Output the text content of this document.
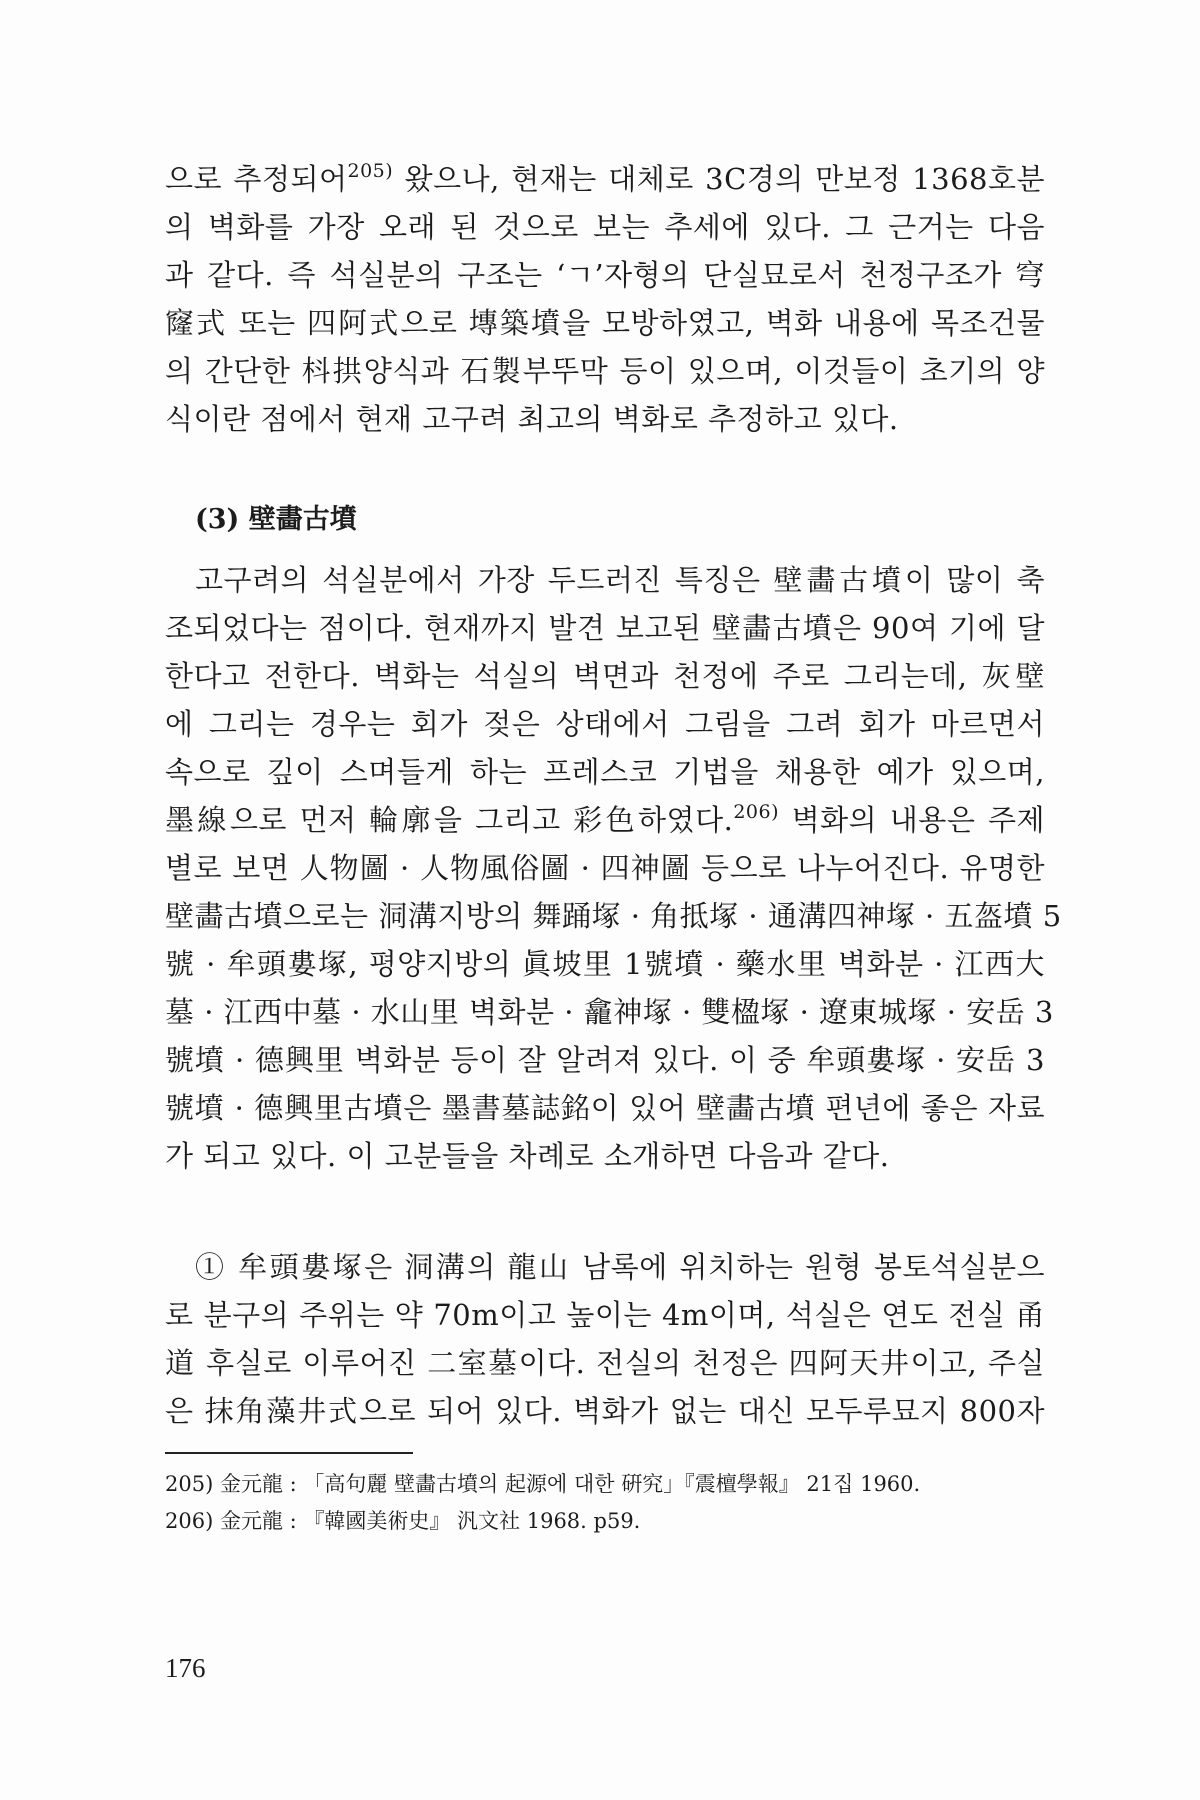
으로 추정되어$^{205)}$ 왔으나, 현재는 대체로 3C경의 만보정 1368호분
의 벽화를 가장 오래 된 것으로 보는 추세에 있다. 그 근거는 다음
과 같다. 즉 석실분의 구조는 ‘ㄱ’자형의 단실묘로서 천정구조가 穹
窿式 또는 四阿式으로 塼築墳을 모방하였고, 벽화 내용에 목조건물
의 간단한 枓拱양식과 石製부뚜막 등이 있으며, 이것들이 초기의 양
식이란 점에서 현재 고구려 최고의 벽화로 추정하고 있다.
(3) 壁畵古墳
고구려의 석실분에서 가장 두드러진 특징은 壁畵古墳이 많이 축
조되었다는 점이다. 현재까지 발견 보고된 壁畵古墳은 90여 기에 달
한다고 전한다. 벽화는 석실의 벽면과 천정에 주로 그리는데, 灰壁
에 그리는 경우는 회가 젖은 상태에서 그림을 그려 회가 마르면서
속으로 깊이 스며들게 하는 프레스코 기법을 채용한 예가 있으며,
墨線으로 먼저 輪廓을 그리고 彩色하였다.$^{206)}$ 벽화의 내용은 주제
별로 보면 人物圖 · 人物風俗圖 · 四神圖 등으로 나누어진다. 유명한
壁畵古墳으로는 洞溝지방의 舞踊塚 · 角抵塚 · 通溝四神塚 · 五盔墳 5
號 · 牟頭婁塚, 평양지방의 眞坡里 1號墳 · 藥水里 벽화분 · 江西大
墓 · 江西中墓 · 水山里 벽화분 · 龕神塚 · 雙楹塚 · 遼東城塚 · 安岳 3
號墳 · 德興里 벽화분 등이 잘 알려져 있다. 이 중 牟頭婁塚 · 安岳 3
號墳 · 德興里古墳은 墨書墓誌銘이 있어 壁畵古墳 편년에 좋은 자료
가 되고 있다. 이 고분들을 차례로 소개하면 다음과 같다.
① 牟頭婁塚은 洞溝의 龍山 남록에 위치하는 원형 봉토석실분으
로 분구의 주위는 약 70m이고 높이는 4m이며, 석실은 연도 전실 甬
道 후실로 이루어진 二室墓이다. 전실의 천정은 四阿天井이고, 주실
은 抹角藻井式으로 되어 있다. 벽화가 없는 대신 모두루묘지 800자
205) 金元龍 : 「高句麗 壁畵古墳의 起源에 대한 硏究」『震檀學報』 21집 1960.
206) 金元龍 : 『韓國美術史』 汎文社 1968. p59.
176
